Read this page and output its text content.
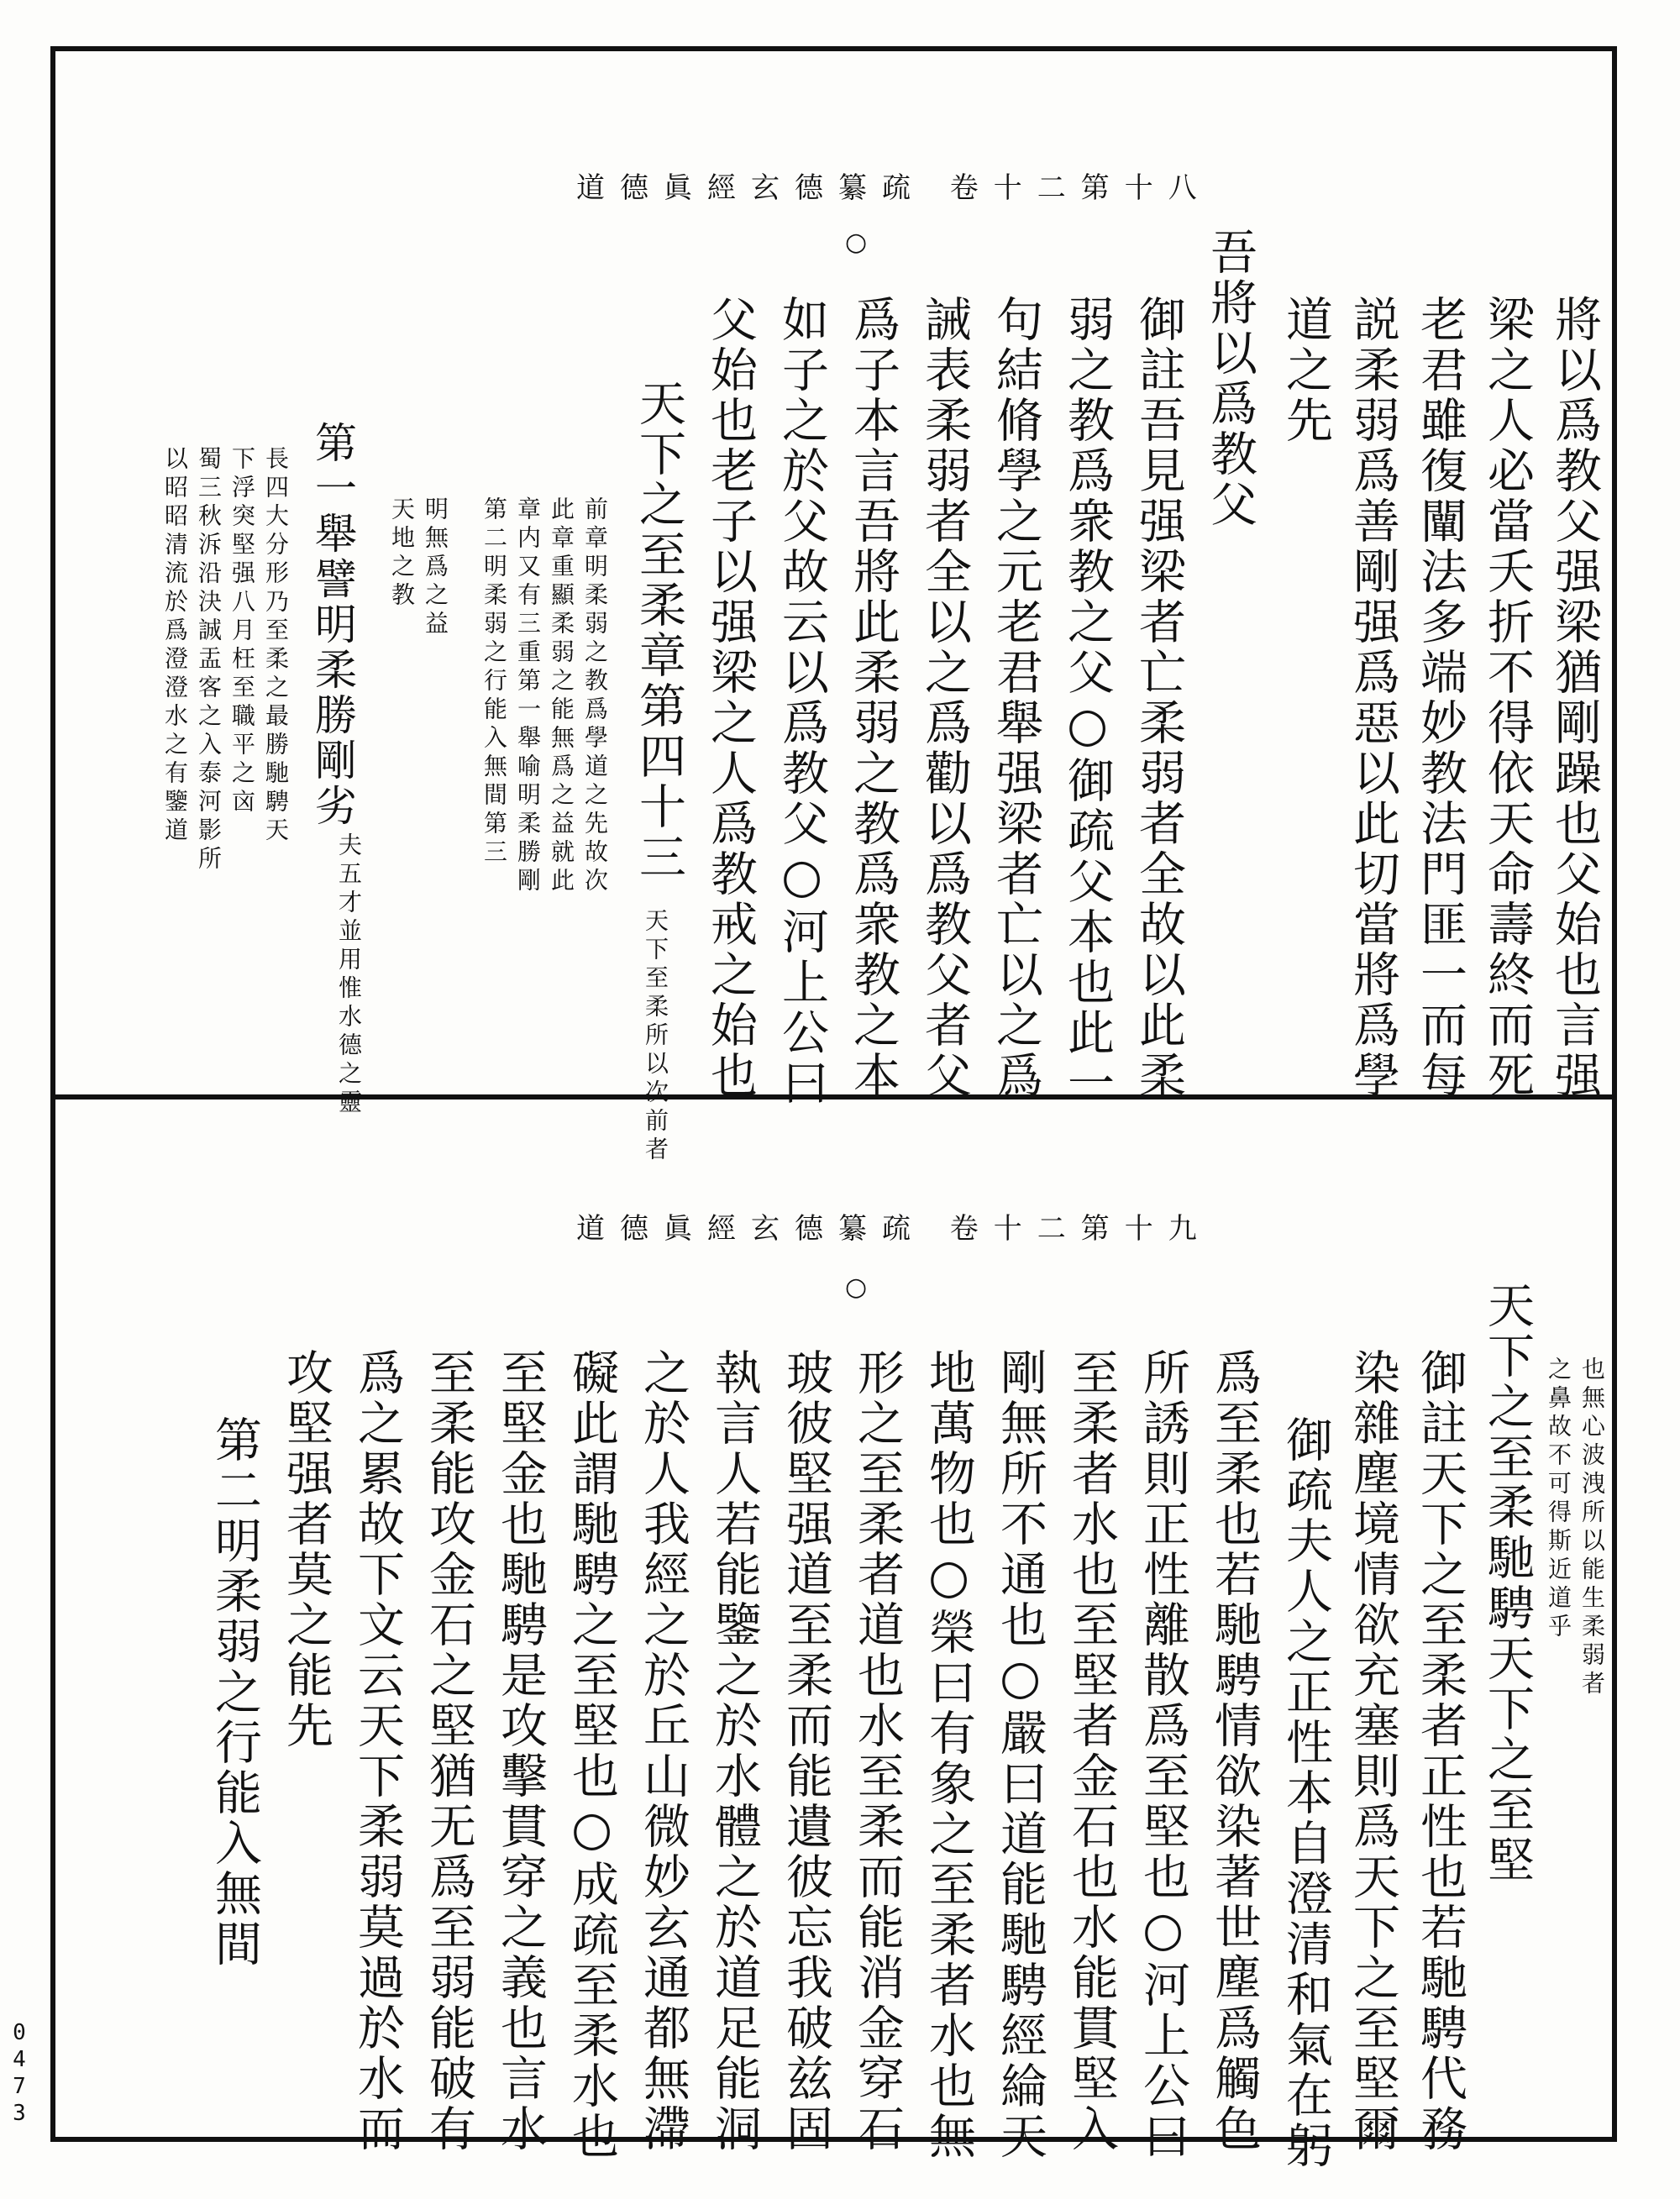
道德眞經玄德纂疏 卷十二第十八
○
將以爲教父强梁猶剛躁也父始也言强
梁之人必當夭折不得依天命壽終而死
老君雖復闡法多端妙教法門匪一而每
説柔弱爲善剛强爲惡以此切當將爲學
道之先
吾將以爲教父
御註吾見强梁者亡柔弱者全故以此柔
弱之教爲衆教之父○御疏父本也此一
句結脩學之元老君舉强梁者亡以之爲
誡表柔弱者全以之爲勸以爲教父者父
爲子本言吾將此柔弱之教爲衆教之本
如子之於父故云以爲教父○河上公曰
父始也老子以强梁之人爲教戒之始也
天下之至柔章第四十三
天下至柔所以次前者
前章明柔弱之教爲學道之先故次
此章重顯柔弱之能無爲之益就此
章内又有三重第一舉喻明柔勝剛
第二明柔弱之行能入無間第三
明無爲之益
天地之教
第一舉譬明柔勝剛劣
夫五才並用惟水德之靈
長四大分形乃至柔之最勝馳騁天
下浮突堅强八月枉至職平之㐫
蜀三秋泝沿決誠盂客之入泰河影所
以昭昭清流於爲澄澄水之有鑒道
道德眞經玄德纂疏 卷十二第十九
○	天下之至柔馳騁天下之至堅 也無心波洩所以能生柔弱者
之鼻故不可得斯近道乎
御註天下之至柔者正性也若馳騁代務
染雜塵境情欲充塞則爲天下之至堅爾
御疏夫人之正性本自澄清和氣在躬
爲至柔也若馳騁情欲染著世塵爲觸色
所誘則正性離散爲至堅也○河上公曰
至柔者水也至堅者金石也水能貫堅入
剛無所不通也○嚴曰道能馳騁經綸天
地萬物也○榮曰有象之至柔者水也無
形之至柔者道也水至柔而能消金穿石
玻彼堅强道至柔而能遺彼忘我破兹固
執言人若能鑒之於水體之於道足能洞
之於人我經之於丘山微妙玄通都無滯
礙此謂馳騁之至堅也○成疏至柔水也
至堅金也馳騁是攻擊貫穿之義也言水
至柔能攻金石之堅猶无爲至弱能破有
爲之累故下文云天下柔弱莫過於水而
攻堅强者莫之能先
第二明柔弱之行能入無間
0473
